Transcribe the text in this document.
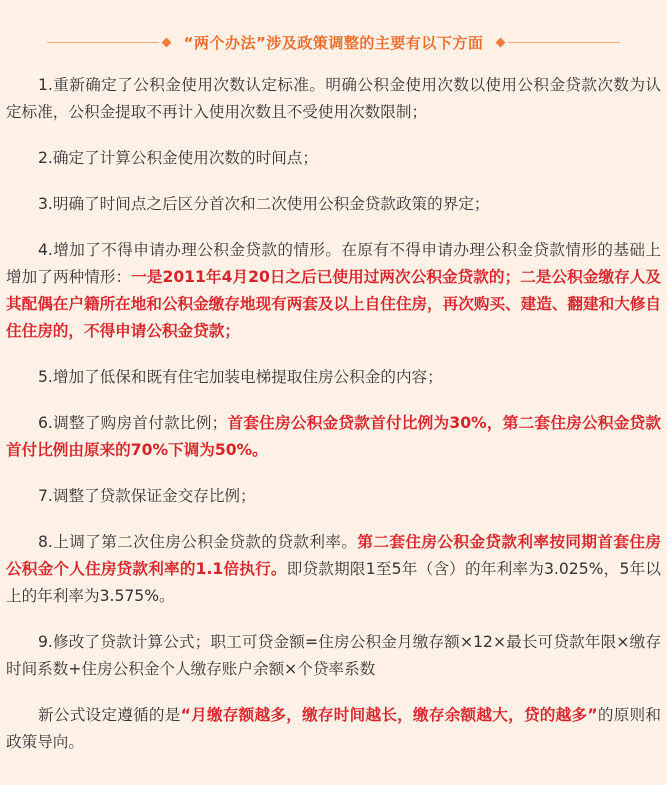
“两个办法”涉及政策调整的主要有以下方面

1.重新确定了公积金使用次数认定标准。明确公积金使用次数以使用公积金贷款次数为认定标准，公积金提取不再计入使用次数且不受使用次数限制；

2.确定了计算公积金使用次数的时间点；

3.明确了时间点之后区分首次和二次使用公积金贷款政策的界定；

4.增加了不得申请办理公积金贷款的情形。在原有不得申请办理公积金贷款情形的基础上增加了两种情形：一是2011年4月20日之后已使用过两次公积金贷款的；二是公积金缴存人及其配偶在户籍所在地和公积金缴存地现有两套及以上自住住房，再次购买、建造、翻建和大修自住住房的，不得申请公积金贷款；

5.增加了低保和既有住宅加装电梯提取住房公积金的内容；

6.调整了购房首付款比例；首套住房公积金贷款首付比例为30%，第二套住房公积金贷款首付比例由原来的70%下调为50%。

7.调整了贷款保证金交存比例；

8.上调了第二次住房公积金贷款的贷款利率。第二套住房公积金贷款利率按同期首套住房公积金个人住房贷款利率的1.1倍执行。即贷款期限1至5年（含）的年利率为3.025%，5年以上的年利率为3.575%。

9.修改了贷款计算公式；职工可贷金额=住房公积金月缴存额×12×最长可贷款年限×缴存时间系数+住房公积金个人缴存账户余额×个贷率系数

新公式设定遵循的是“月缴存额越多，缴存时间越长，缴存余额越大，贷的越多”的原则和政策导向。
